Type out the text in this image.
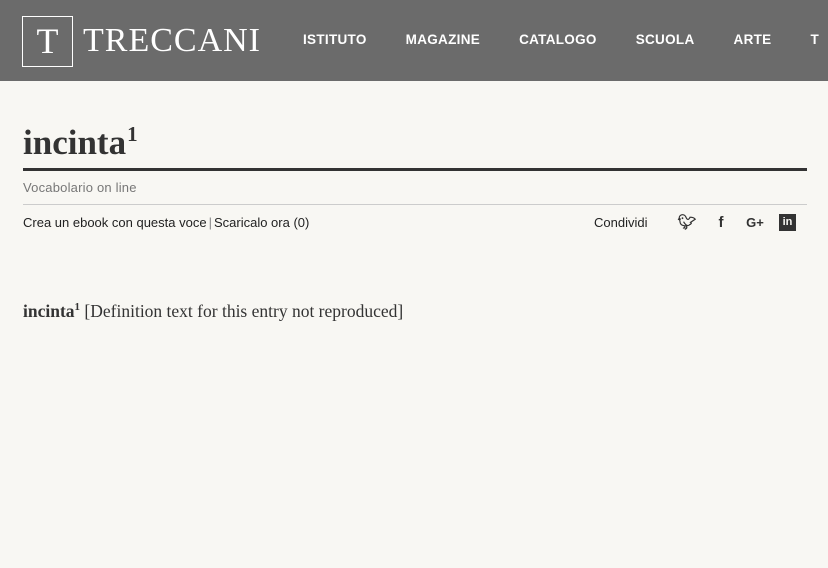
T TRECCANI	ISTITUTO	MAGAZINE	CATALOGO	SCUOLA	ARTE	T
incinta$^1$
Vocabolario on line
Crea un ebook con questa voce | Scaricalo ora (0)	Condividi 🐦︎	f	G+	in
incinta$^1$ [Definition text for this entry not reproduced]
